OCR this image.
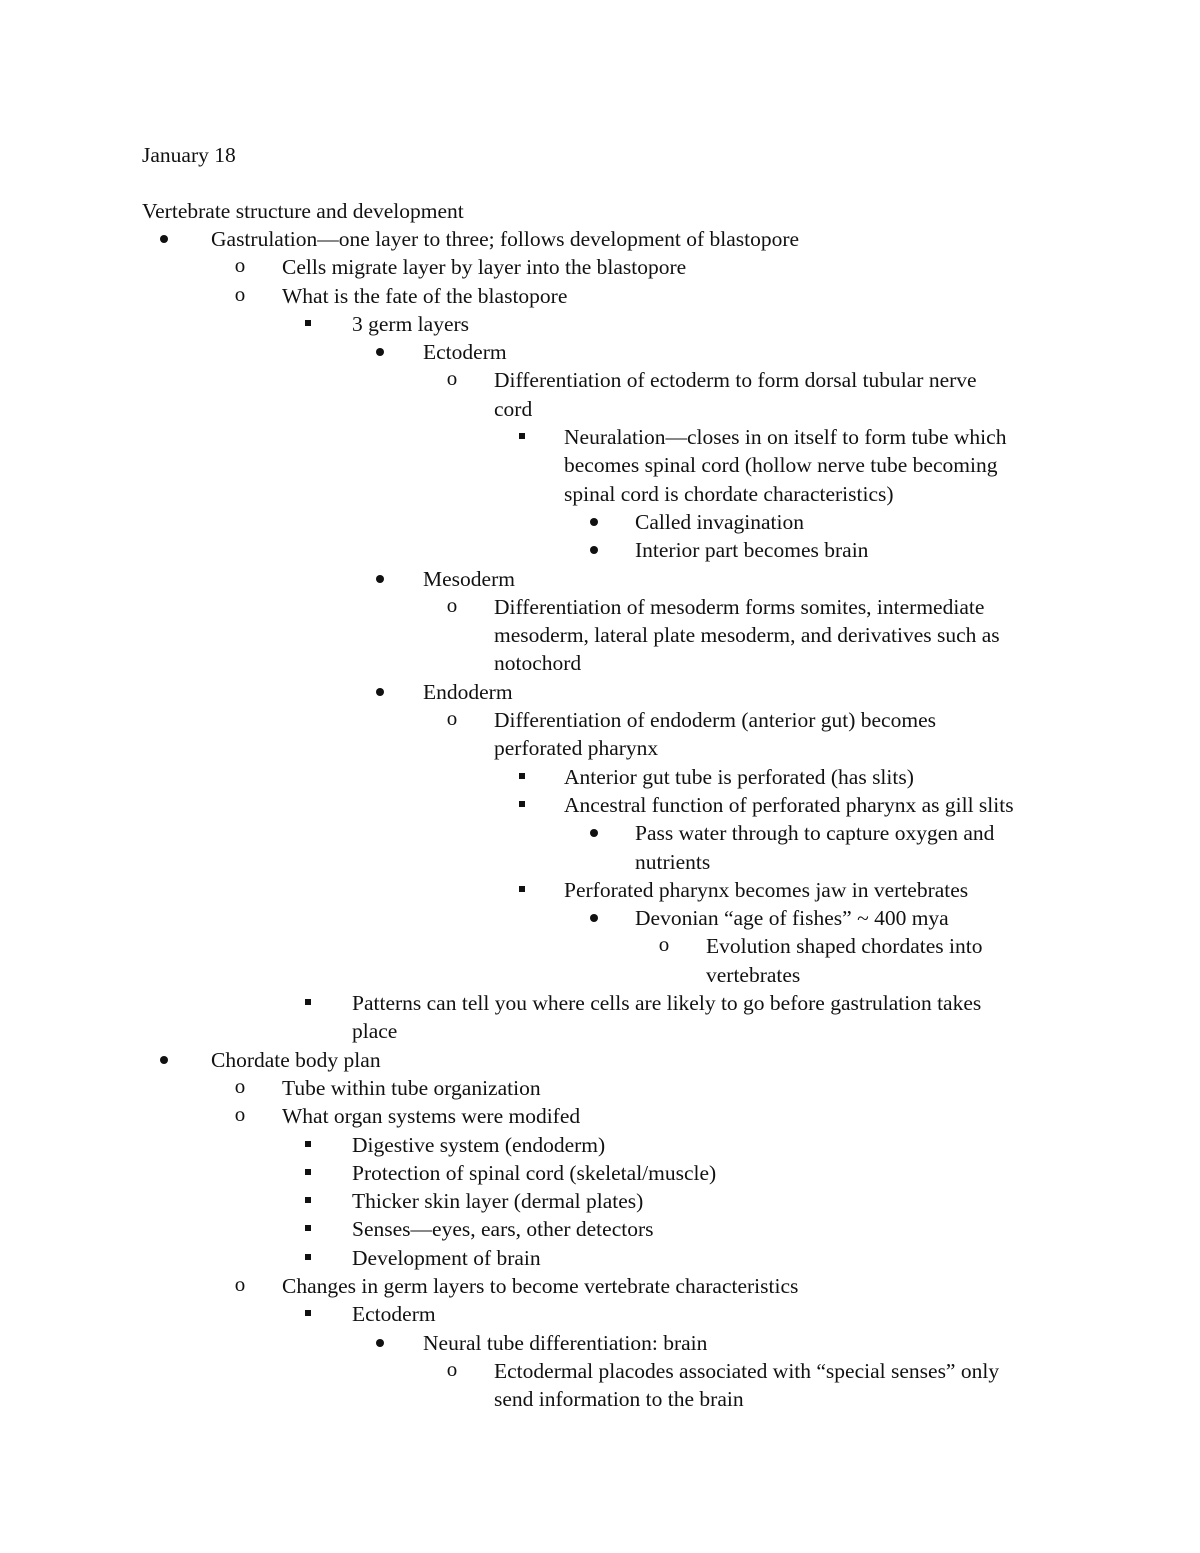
January 18
Vertebrate structure and development
Gastrulation—one layer to three; follows development of blastopore
o	Cells migrate layer by layer into the blastopore
o	What is the fate of the blastopore
3 germ layers
Ectoderm
o	Differentiation of ectoderm to form dorsal tubular nerve
cord
Neuralation—closes in on itself to form tube which
becomes spinal cord (hollow nerve tube becoming
spinal cord is chordate characteristics)
Called invagination
Interior part becomes brain
Mesoderm
o	Differentiation of mesoderm forms somites, intermediate
mesoderm, lateral plate mesoderm, and derivatives such as
notochord
Endoderm
o	Differentiation of endoderm (anterior gut) becomes
perforated pharynx
Anterior gut tube is perforated (has slits)
Ancestral function of perforated pharynx as gill slits
Pass water through to capture oxygen and
nutrients
Perforated pharynx becomes jaw in vertebrates
Devonian “age of fishes” ~ 400 mya
o	Evolution shaped chordates into
vertebrates
Patterns can tell you where cells are likely to go before gastrulation takes
place
Chordate body plan
o	Tube within tube organization
o	What organ systems were modifed
Digestive system (endoderm)
Protection of spinal cord (skeletal/muscle)
Thicker skin layer (dermal plates)
Senses—eyes, ears, other detectors
Development of brain
o	Changes in germ layers to become vertebrate characteristics
Ectoderm
Neural tube differentiation: brain
o	Ectodermal placodes associated with “special senses” only
send information to the brain
